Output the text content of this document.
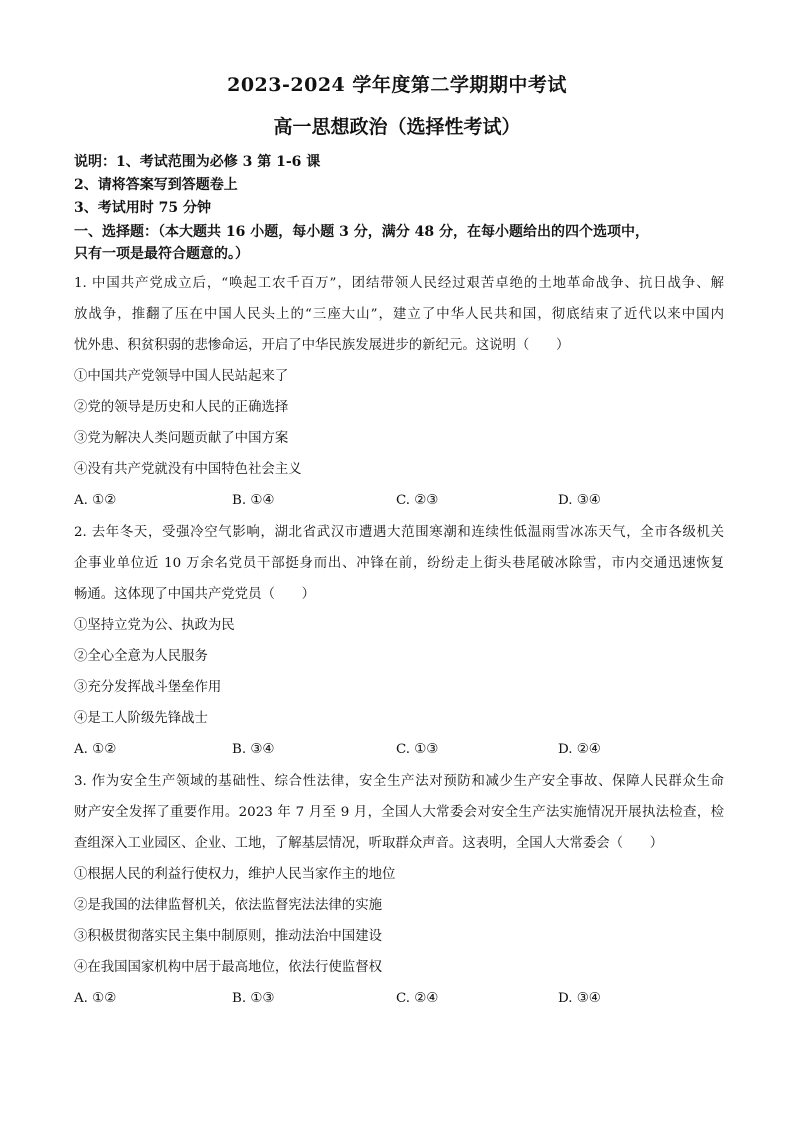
2023-2024 学年度第二学期期中考试
高一思想政治（选择性考试）
说明：1、考试范围为必修 3 第 1-6 课
2、请将答案写到答题卷上
3、考试用时 75 分钟
一、选择题：（本大题共 16 小题，每小题 3 分，满分 48 分，在每小题给出的四个选项中，
只有一项是最符合题意的。）
1. 中国共产党成立后，“唤起工农千百万”，团结带领人民经过艰苦卓绝的土地革命战争、抗日战争、解
放战争，推翻了压在中国人民头上的“三座大山”，建立了中华人民共和国，彻底结束了近代以来中国内
忧外患、积贫积弱的悲惨命运，开启了中华民族发展进步的新纪元。这说明（　　）
①中国共产党领导中国人民站起来了
②党的领导是历史和人民的正确选择
③党为解决人类问题贡献了中国方案
④没有共产党就没有中国特色社会主义
A. ①②	B. ①④	C. ②③	D. ③④
2. 去年冬天，受强冷空气影响，湖北省武汉市遭遇大范围寒潮和连续性低温雨雪冰冻天气，全市各级机关
企事业单位近 10 万余名党员干部挺身而出、冲锋在前，纷纷走上街头巷尾破冰除雪，市内交通迅速恢复
畅通。这体现了中国共产党党员（　　）
①坚持立党为公、执政为民
②全心全意为人民服务
③充分发挥战斗堡垒作用
④是工人阶级先锋战士
A. ①②	B. ③④	C. ①③	D. ②④
3. 作为安全生产领域的基础性、综合性法律，安全生产法对预防和减少生产安全事故、保障人民群众生命
财产安全发挥了重要作用。2023 年 7 月至 9 月，全国人大常委会对安全生产法实施情况开展执法检查，检
查组深入工业园区、企业、工地，了解基层情况，听取群众声音。这表明，全国人大常委会（　　）
①根据人民的利益行使权力，维护人民当家作主的地位
②是我国的法律监督机关，依法监督宪法法律的实施
③积极贯彻落实民主集中制原则，推动法治中国建设
④在我国国家机构中居于最高地位，依法行使监督权
A. ①②	B. ①③	C. ②④	D. ③④
